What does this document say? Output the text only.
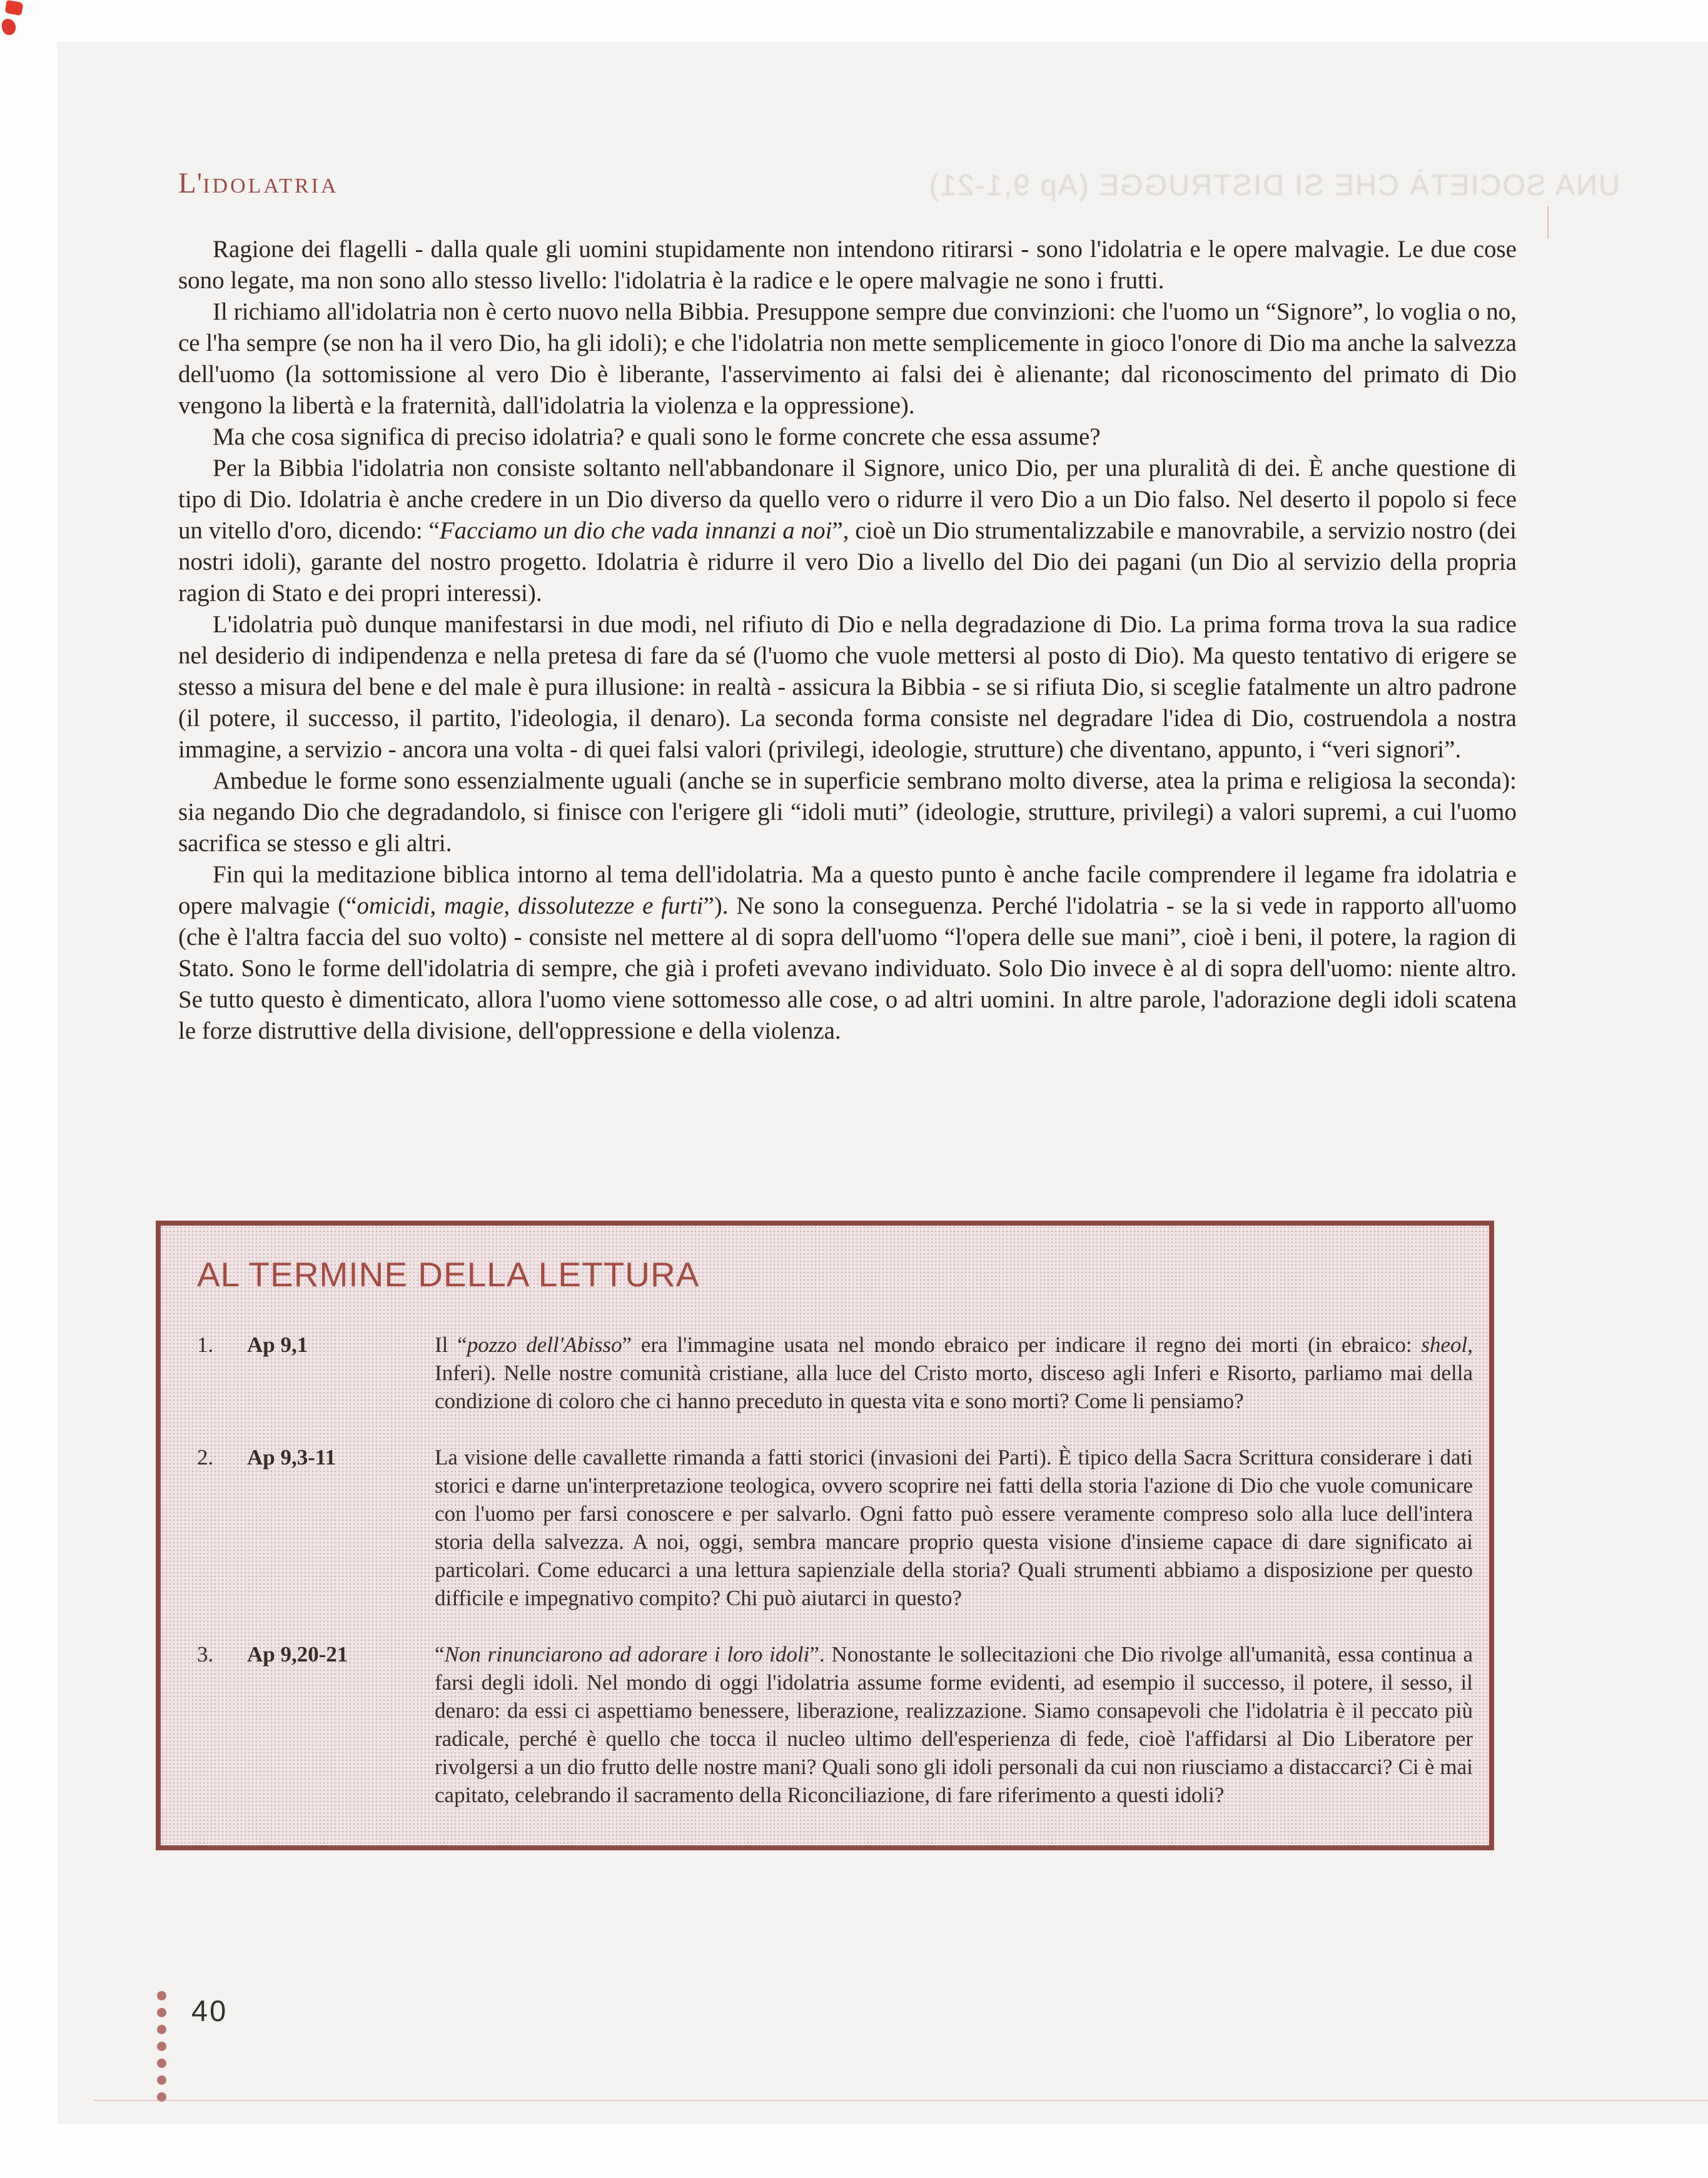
UNA SOCIETÀ CHE SI DISTRUGGE (Ap 9,1-21)
L'IDOLATRIA

Ragione dei flagelli - dalla quale gli uomini stupidamente non intendono ritirarsi - sono l'idolatria e le opere malvagie. Le due cose sono legate, ma non sono allo stesso livello: l'idolatria è la radice e le opere malvagie ne sono i frutti.

Il richiamo all'idolatria non è certo nuovo nella Bibbia. Presuppone sempre due convinzioni: che l'uomo un “Signore”, lo voglia o no, ce l'ha sempre (se non ha il vero Dio, ha gli idoli); e che l'idolatria non mette semplicemente in gioco l'onore di Dio ma anche la salvezza dell'uomo (la sottomissione al vero Dio è liberante, l'asservimento ai falsi dei è alienante; dal riconoscimento del primato di Dio vengono la libertà e la fraternità, dall'idolatria la violenza e la oppressione).

Ma che cosa significa di preciso idolatria? e quali sono le forme concrete che essa assume?

Per la Bibbia l'idolatria non consiste soltanto nell'abbandonare il Signore, unico Dio, per una pluralità di dei. È anche questione di tipo di Dio. Idolatria è anche credere in un Dio diverso da quello vero o ridurre il vero Dio a un Dio falso. Nel deserto il popolo si fece un vitello d'oro, dicendo: “Facciamo un dio che vada innanzi a noi”, cioè un Dio strumentalizzabile e manovrabile, a servizio nostro (dei nostri idoli), garante del nostro progetto. Idolatria è ridurre il vero Dio a livello del Dio dei pagani (un Dio al servizio della propria ragion di Stato e dei propri interessi).

L'idolatria può dunque manifestarsi in due modi, nel rifiuto di Dio e nella degradazione di Dio. La prima forma trova la sua radice nel desiderio di indipendenza e nella pretesa di fare da sé (l'uomo che vuole mettersi al posto di Dio). Ma questo tentativo di erigere se stesso a misura del bene e del male è pura illusione: in realtà - assicura la Bibbia - se si rifiuta Dio, si sceglie fatalmente un altro padrone (il potere, il successo, il partito, l'ideologia, il denaro). La seconda forma consiste nel degradare l'idea di Dio, costruendola a nostra immagine, a servizio - ancora una volta - di quei falsi valori (privilegi, ideologie, strutture) che diventano, appunto, i “veri signori”.

Ambedue le forme sono essenzialmente uguali (anche se in superficie sembrano molto diverse, atea la prima e religiosa la seconda): sia negando Dio che degradandolo, si finisce con l'erigere gli “idoli muti” (ideologie, strutture, privilegi) a valori supremi, a cui l'uomo sacrifica se stesso e gli altri.

Fin qui la meditazione biblica intorno al tema dell'idolatria. Ma a questo punto è anche facile comprendere il legame fra idolatria e opere malvagie (“omicidi, magie, dissolutezze e furti”). Ne sono la conseguenza. Perché l'idolatria - se la si vede in rapporto all'uomo (che è l'altra faccia del suo volto) - consiste nel mettere al di sopra dell'uomo “l'opera delle sue mani”, cioè i beni, il potere, la ragion di Stato. Sono le forme dell'idolatria di sempre, che già i profeti avevano individuato. Solo Dio invece è al di sopra dell'uomo: niente altro. Se tutto questo è dimenticato, allora l'uomo viene sottomesso alle cose, o ad altri uomini. In altre parole, l'adorazione degli idoli scatena le forze distruttive della divisione, dell'oppressione e della violenza.

AL TERMINE DELLA LETTURA
1.	Ap 9,1	Il “pozzo dell'Abisso” era l'immagine usata nel mondo ebraico per indicare il regno dei morti (in ebraico: sheol, Inferi). Nelle nostre comunità cristiane, alla luce del Cristo morto, disceso agli Inferi e Risorto, parliamo mai della condizione di coloro che ci hanno preceduto in questa vita e sono morti? Come li pensiamo?
2.	Ap 9,3-11	La visione delle cavallette rimanda a fatti storici (invasioni dei Parti). È tipico della Sacra Scrittura considerare i dati storici e darne un'interpretazione teologica, ovvero scoprire nei fatti della storia l'azione di Dio che vuole comunicare con l'uomo per farsi conoscere e per salvarlo. Ogni fatto può essere veramente compreso solo alla luce dell'intera storia della salvezza. A noi, oggi, sembra mancare proprio questa visione d'insieme capace di dare significato ai particolari. Come educarci a una lettura sapienziale della storia? Quali strumenti abbiamo a disposizione per questo difficile e impegnativo compito? Chi può aiutarci in questo?
3.	Ap 9,20-21	“Non rinunciarono ad adorare i loro idoli”. Nonostante le sollecitazioni che Dio rivolge all'umanità, essa continua a farsi degli idoli. Nel mondo di oggi l'idolatria assume forme evidenti, ad esempio il successo, il potere, il sesso, il denaro: da essi ci aspettiamo benessere, liberazione, realizzazione. Siamo consapevoli che l'idolatria è il peccato più radicale, perché è quello che tocca il nucleo ultimo dell'esperienza di fede, cioè l'affidarsi al Dio Liberatore per rivolgersi a un dio frutto delle nostre mani? Quali sono gli idoli personali da cui non riusciamo a distaccarci? Ci è mai capitato, celebrando il sacramento della Riconciliazione, di fare riferimento a questi idoli?
40
